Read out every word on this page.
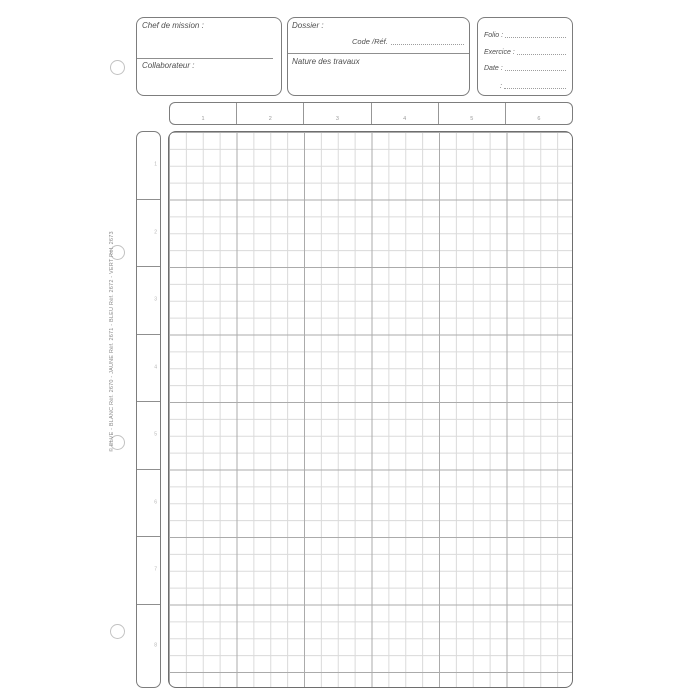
Chef de mission :
Collaborateur :
Dossier :
Code /Réf.
Nature des travaux
Folio :
Exercice :
Date :
:
1	2	3	4	5	6
1
2
3
4
5
6
7
8
© ELVE - BLANC Réf. 2670 - JAUNE Réf. 2671 - BLEU Réf. 2672 - VERT Réf. 2673
